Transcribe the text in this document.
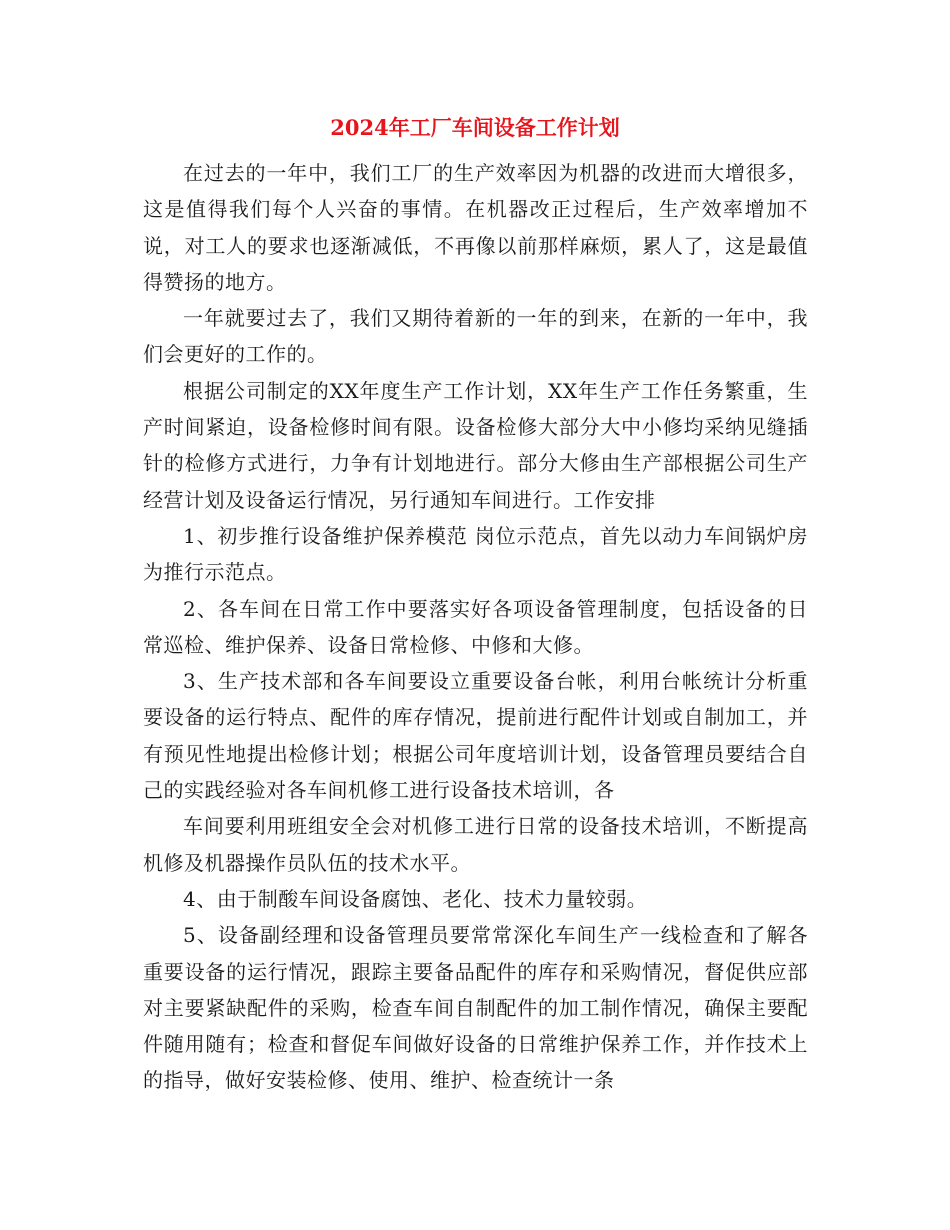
2024年工厂车间设备工作计划

在过去的一年中，我们工厂的生产效率因为机器的改进而大增很多，这是值得我们每个人兴奋的事情。在机器改正过程后，生产效率增加不说，对工人的要求也逐渐减低，不再像以前那样麻烦，累人了，这是最值得赞扬的地方。

一年就要过去了，我们又期待着新的一年的到来，在新的一年中，我们会更好的工作的。

根据公司制定的XX年度生产工作计划，XX年生产工作任务繁重，生产时间紧迫，设备检修时间有限。设备检修大部分大中小修均采纳见缝插针的检修方式进行，力争有计划地进行。部分大修由生产部根据公司生产经营计划及设备运行情况，另行通知车间进行。工作安排

1、初步推行设备维护保养模范 岗位示范点，首先以动力车间锅炉房为推行示范点。

2、各车间在日常工作中要落实好各项设备管理制度，包括设备的日常巡检、维护保养、设备日常检修、中修和大修。

3、生产技术部和各车间要设立重要设备台帐，利用台帐统计分析重要设备的运行特点、配件的库存情况，提前进行配件计划或自制加工，并有预见性地提出检修计划；根据公司年度培训计划，设备管理员要结合自己的实践经验对各车间机修工进行设备技术培训，各

车间要利用班组安全会对机修工进行日常的设备技术培训，不断提高机修及机器操作员队伍的技术水平。

4、由于制酸车间设备腐蚀、老化、技术力量较弱。

5、设备副经理和设备管理员要常常深化车间生产一线检查和了解各重要设备的运行情况，跟踪主要备品配件的库存和采购情况，督促供应部对主要紧缺配件的采购，检查车间自制配件的加工制作情况，确保主要配件随用随有；检查和督促车间做好设备的日常维护保养工作，并作技术上的指导，做好安装检修、使用、维护、检查统计一条
